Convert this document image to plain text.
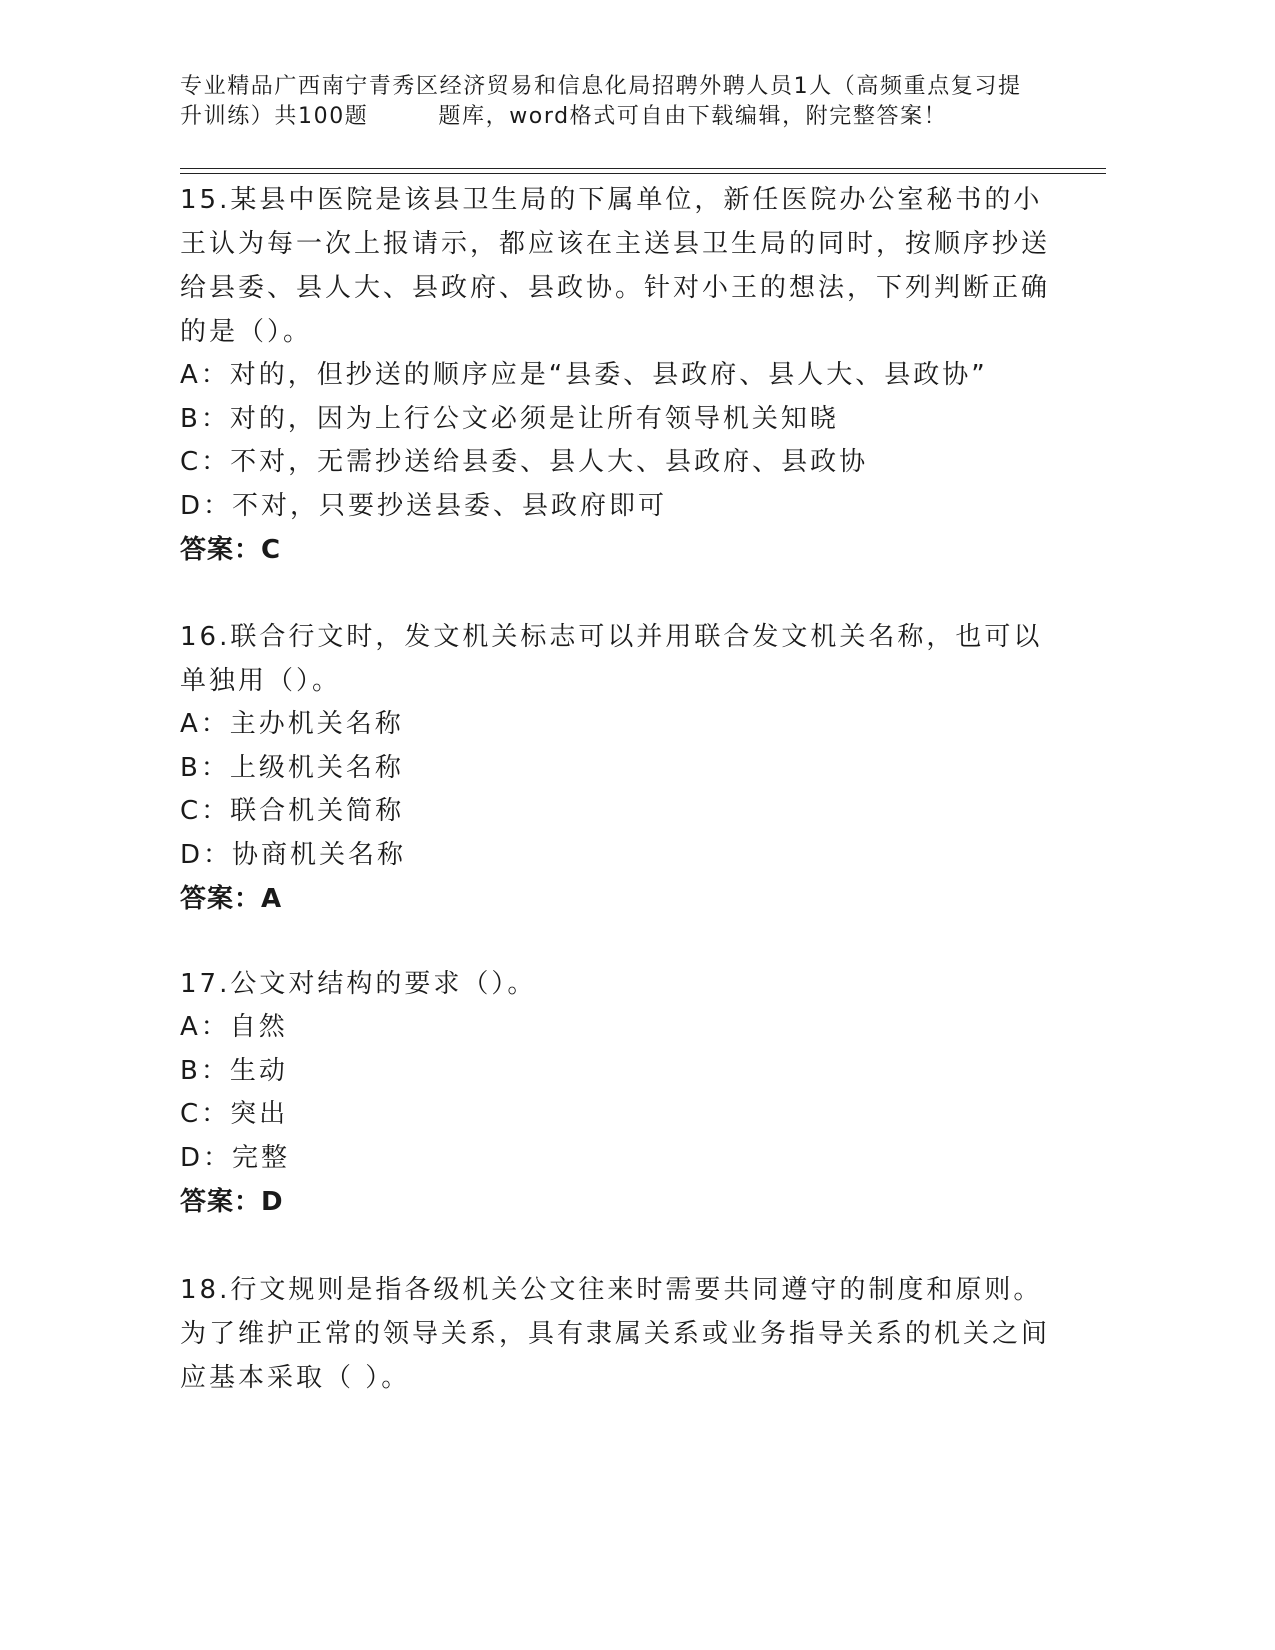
专业精品广西南宁青秀区经济贸易和信息化局招聘外聘人员1人（高频重点复习提
升训练）共100题	题库，word格式可自由下载编辑，附完整答案！
15.某县中医院是该县卫生局的下属单位，新任医院办公室秘书的小王认为每一次上报请示，都应该在主送县卫生局的同时，按顺序抄送给县委、县人大、县政府、县政协。针对小王的想法，下列判断正确的是（）。
A：对的，但抄送的顺序应是“县委、县政府、县人大、县政协”
B：对的，因为上行公文必须是让所有领导机关知晓
C：不对，无需抄送给县委、县人大、县政府、县政协
D：不对，只要抄送县委、县政府即可
答案：C
16.联合行文时，发文机关标志可以并用联合发文机关名称，也可以单独用（）。
A：主办机关名称
B：上级机关名称
C：联合机关简称
D：协商机关名称
答案：A
17.公文对结构的要求（）。
A：自然
B：生动
C：突出
D：完整
答案：D
18.行文规则是指各级机关公文往来时需要共同遵守的制度和原则。为了维护正常的领导关系，具有隶属关系或业务指导关系的机关之间应基本采取（ ）。
